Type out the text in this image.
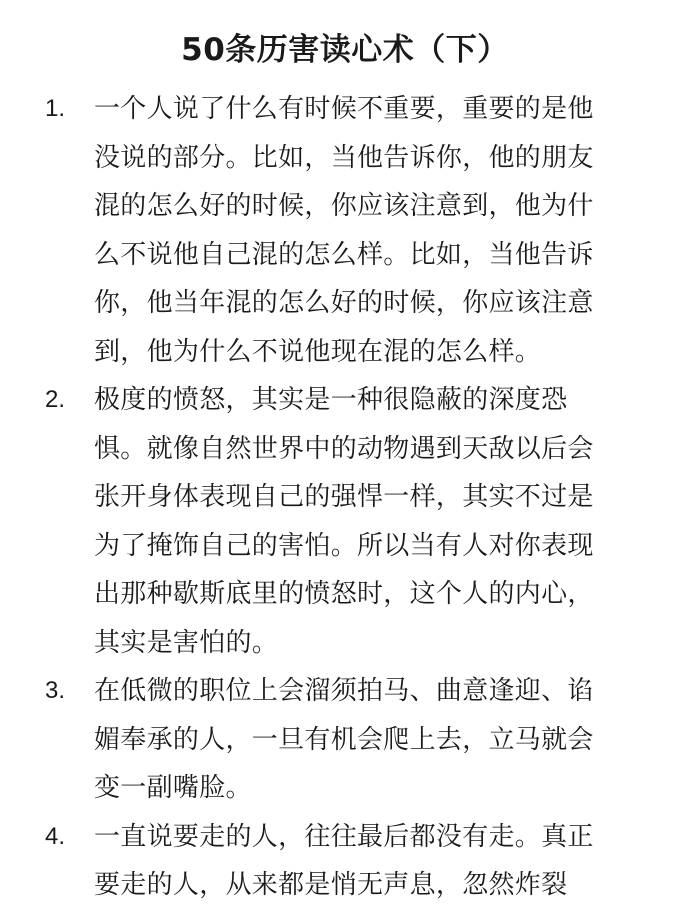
50条历害读心术（下）
1. 一个人说了什么有时候不重要，重要的是他
没说的部分。比如，当他告诉你，他的朋友
混的怎么好的时候，你应该注意到，他为什
么不说他自己混的怎么样。比如，当他告诉
你，他当年混的怎么好的时候，你应该注意
到，他为什么不说他现在混的怎么样。
2. 极度的愤怒，其实是一种很隐蔽的深度恐
惧。就像自然世界中的动物遇到天敌以后会
张开身体表现自己的强悍一样，其实不过是
为了掩饰自己的害怕。所以当有人对你表现
出那种歇斯底里的愤怒时，这个人的内心，
其实是害怕的。
3. 在低微的职位上会溜须拍马、曲意逢迎、谄
媚奉承的人，一旦有机会爬上去，立马就会
变一副嘴脸。
4. 一直说要走的人，往往最后都没有走。真正
要走的人，从来都是悄无声息，忽然炸裂
